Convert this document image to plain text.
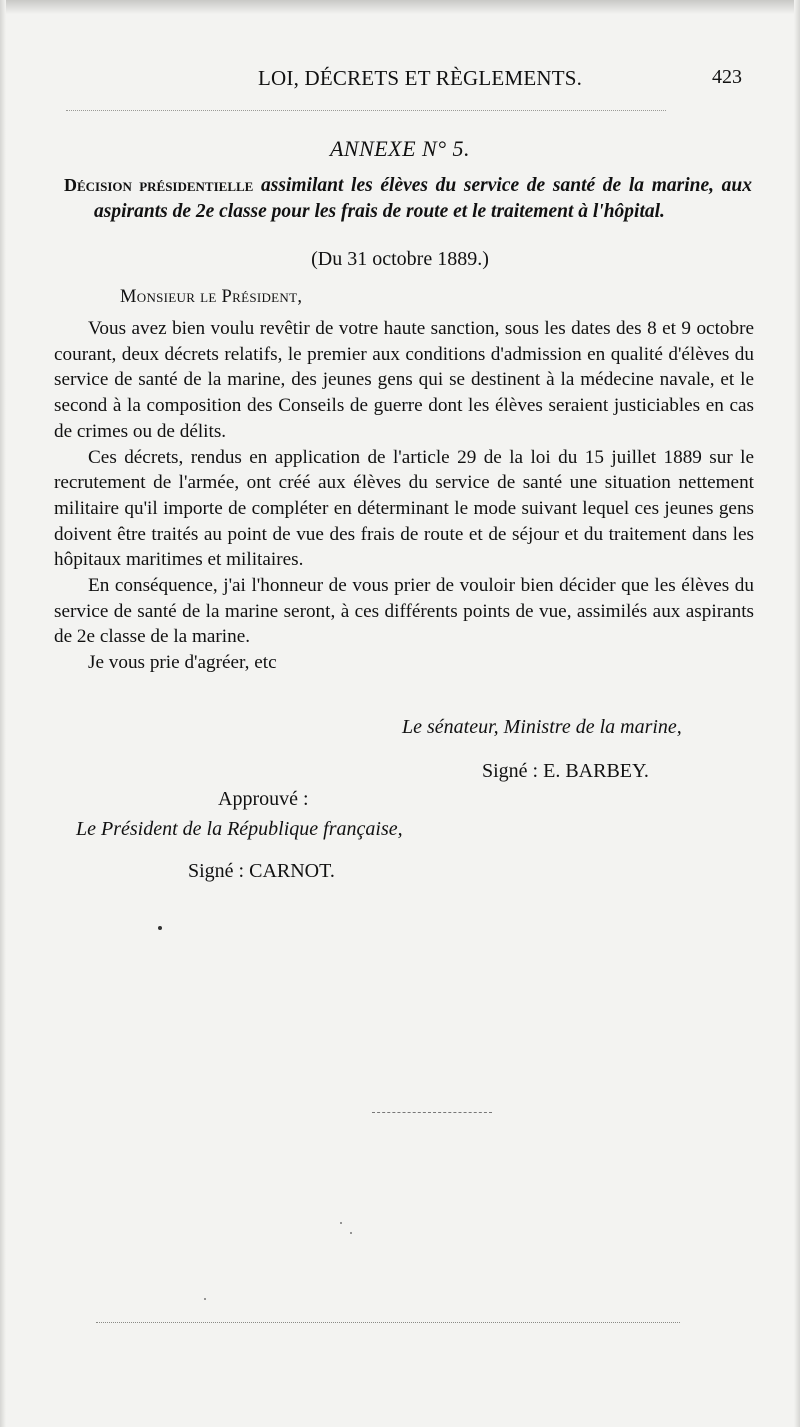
LOI, DÉCRETS ET RÈGLEMENTS.	423
ANNEXE N° 5.
Décision présidentielle assimilant les élèves du service de santé de la marine, aux aspirants de 2e classe pour les frais de route et le traitement à l'hôpital.
(Du 31 octobre 1889.)
Monsieur le Président,

Vous avez bien voulu revêtir de votre haute sanction, sous les dates des 8 et 9 octobre courant, deux décrets relatifs, le premier aux conditions d'admission en qualité d'élèves du service de santé de la marine, des jeunes gens qui se destinent à la médecine navale, et le second à la composition des Conseils de guerre dont les élèves seraient justiciables en cas de crimes ou de délits.

Ces décrets, rendus en application de l'article 29 de la loi du 15 juillet 1889 sur le recrutement de l'armée, ont créé aux élèves du service de santé une situation nettement militaire qu'il importe de compléter en déterminant le mode suivant lequel ces jeunes gens doivent être traités au point de vue des frais de route et de séjour et du traitement dans les hôpitaux maritimes et militaires.

En conséquence, j'ai l'honneur de vous prier de vouloir bien décider que les élèves du service de santé de la marine seront, à ces différents points de vue, assimilés aux aspirants de 2e classe de la marine.

Je vous prie d'agréer, etc

Le sénateur, Ministre de la marine,
Signé : E. BARBEY.
Approuvé :
Le Président de la République française,
Signé : CARNOT.
